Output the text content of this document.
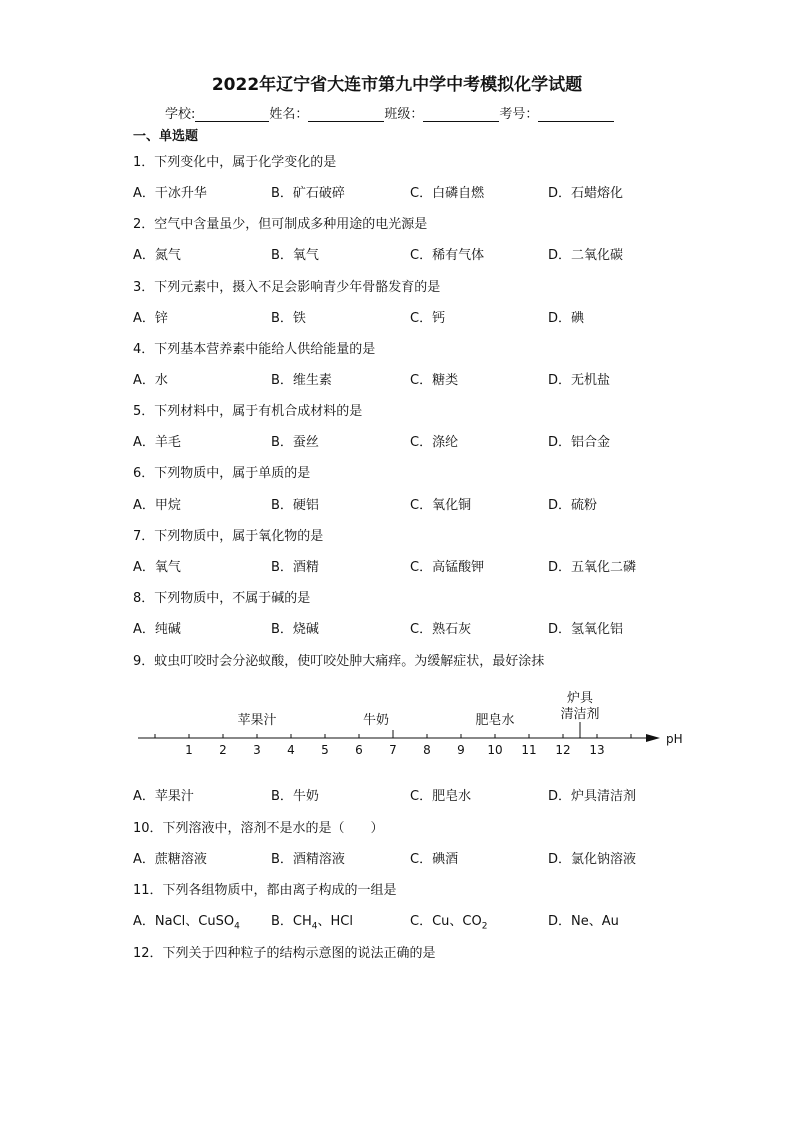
2022年辽宁省大连市第九中学中考模拟化学试题
学校:	姓名：	班级：	考号：
一、单选题
1．下列变化中，属于化学变化的是
A．干冰升华	B．矿石破碎	C．白磷自燃	D．石蜡熔化
2．空气中含量虽少，但可制成多种用途的电光源是
A．氮气	B．氧气	C．稀有气体	D．二氧化碳
3．下列元素中，摄入不足会影响青少年骨骼发育的是
A．锌	B．铁	C．钙	D．碘
4．下列基本营养素中能给人供给能量的是
A．水	B．维生素	C．糖类	D．无机盐
5．下列材料中，属于有机合成材料的是
A．羊毛	B．蚕丝	C．涤纶	D．铝合金
6．下列物质中，属于单质的是
A．甲烷	B．硬铝	C．氧化铜	D．硫粉
7．下列物质中，属于氧化物的是
A．氧气	B．酒精	C．高锰酸钾	D．五氧化二磷
8．下列物质中，不属于碱的是
A．纯碱	B．烧碱	C．熟石灰	D．氢氧化铝
9．蚊虫叮咬时会分泌蚁酸，使叮咬处肿大痛痒。为缓解症状，最好涂抹
pH
1 2 3 4 5 6 7 8 9 10 11 12 13
苹果汁	牛奶	肥皂水
炉具
清洁剂
A．苹果汁	B．牛奶	C．肥皂水	D．炉具清洁剂
10．下列溶液中，溶剂不是水的是（　　）
A．蔗糖溶液	B．酒精溶液	C．碘酒	D．氯化钠溶液
11．下列各组物质中，都由离子构成的一组是
A．NaCl、CuSO$_4$ B．$CH_4$、HCl	C．Cu、$CO_2$	D．Ne、Au
12．下列关于四种粒子的结构示意图的说法正确的是
